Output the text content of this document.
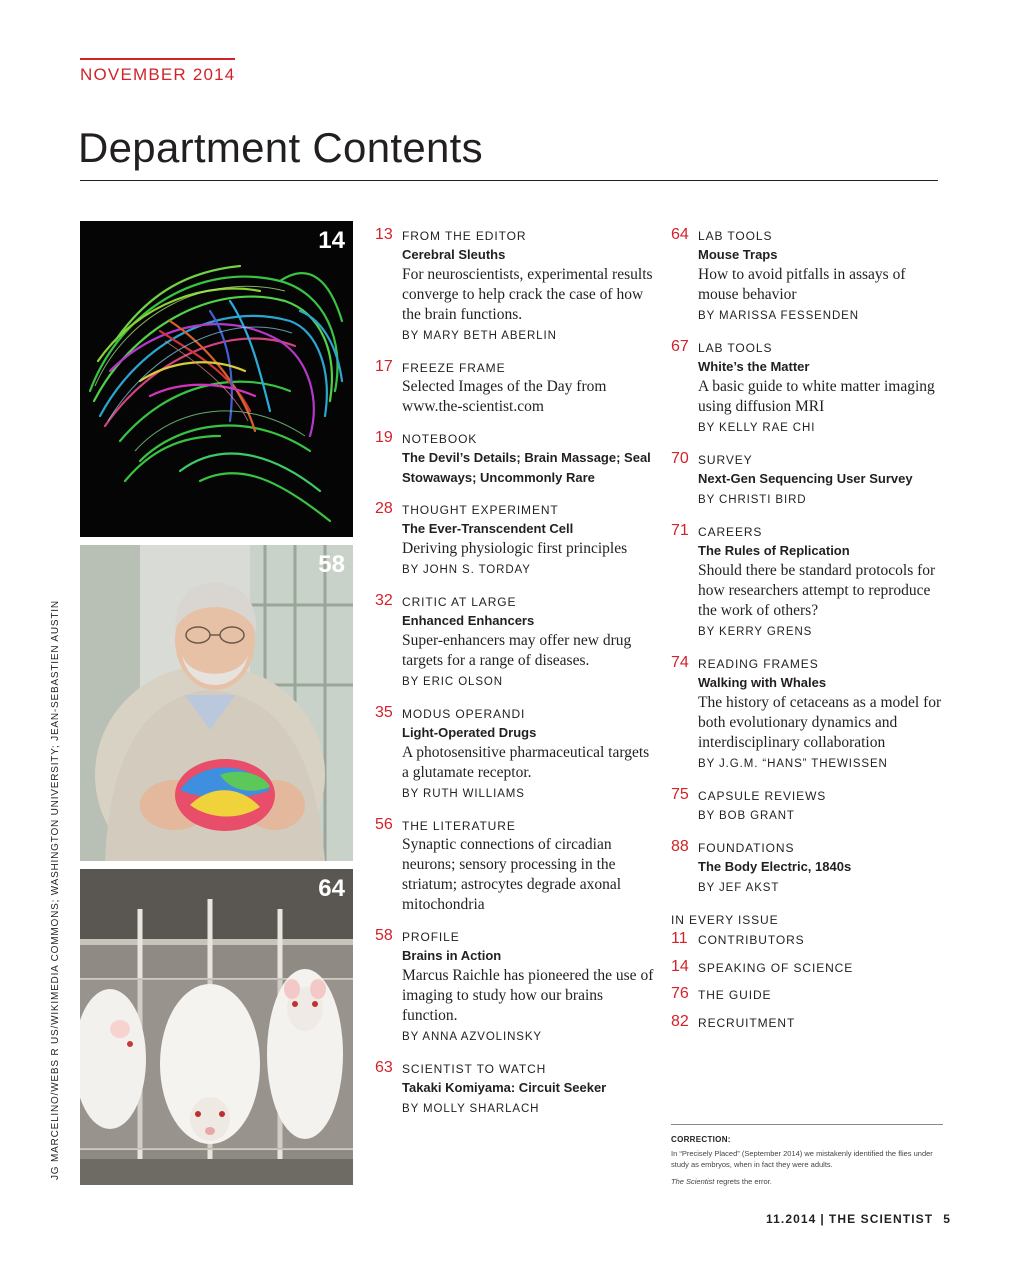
NOVEMBER 2014
Department Contents
JG MARCELINO/WEBS R US/WIKIMEDIA COMMONS; WASHINGTON UNIVERSITY; JEAN-SEBASTIEN AUSTIN
14
58
64
13 FROM THE EDITOR
Cerebral Sleuths
For neuroscientists, experimental results converge to help crack the case of how the brain functions.
BY MARY BETH ABERLIN
17 FREEZE FRAME
Selected Images of the Day from www.the-scientist.com
19 NOTEBOOK
The Devil’s Details; Brain Massage; Seal Stowaways; Uncommonly Rare
28 THOUGHT EXPERIMENT
The Ever-Transcendent Cell
Deriving physiologic first principles
BY JOHN S. TORDAY
32 CRITIC AT LARGE
Enhanced Enhancers
Super-enhancers may offer new drug targets for a range of diseases.
BY ERIC OLSON
35 MODUS OPERANDI
Light-Operated Drugs
A photosensitive pharmaceutical targets a glutamate receptor.
BY RUTH WILLIAMS
56 THE LITERATURE
Synaptic connections of circadian neurons; sensory processing in the striatum; astrocytes degrade axonal mitochondria
58 PROFILE
Brains in Action
Marcus Raichle has pioneered the use of imaging to study how our brains function.
BY ANNA AZVOLINSKY
63 SCIENTIST TO WATCH
Takaki Komiyama: Circuit Seeker
BY MOLLY SHARLACH
64 LAB TOOLS
Mouse Traps
How to avoid pitfalls in assays of mouse behavior
BY MARISSA FESSENDEN
67 LAB TOOLS
White’s the Matter
A basic guide to white matter imaging using diffusion MRI
BY KELLY RAE CHI
70 SURVEY
Next-Gen Sequencing User Survey
BY CHRISTI BIRD
71 CAREERS
The Rules of Replication
Should there be standard protocols for how researchers attempt to reproduce the work of others?
BY KERRY GRENS
74 READING FRAMES
Walking with Whales
The history of cetaceans as a model for both evolutionary dynamics and interdisciplinary collaboration
BY J.G.M. “HANS” THEWISSEN
75 CAPSULE REVIEWS
BY BOB GRANT
88 FOUNDATIONS
The Body Electric, 1840s
BY JEF AKST
IN EVERY ISSUE
11 CONTRIBUTORS
14 SPEAKING OF SCIENCE
76 THE GUIDE
82 RECRUITMENT
CORRECTION:
In “Precisely Placed” (September 2014) we mistakenly identified the flies under study as embryos, when in fact they were adults.
The Scientist regrets the error.
11.2014 | THE SCIENTIST 5
